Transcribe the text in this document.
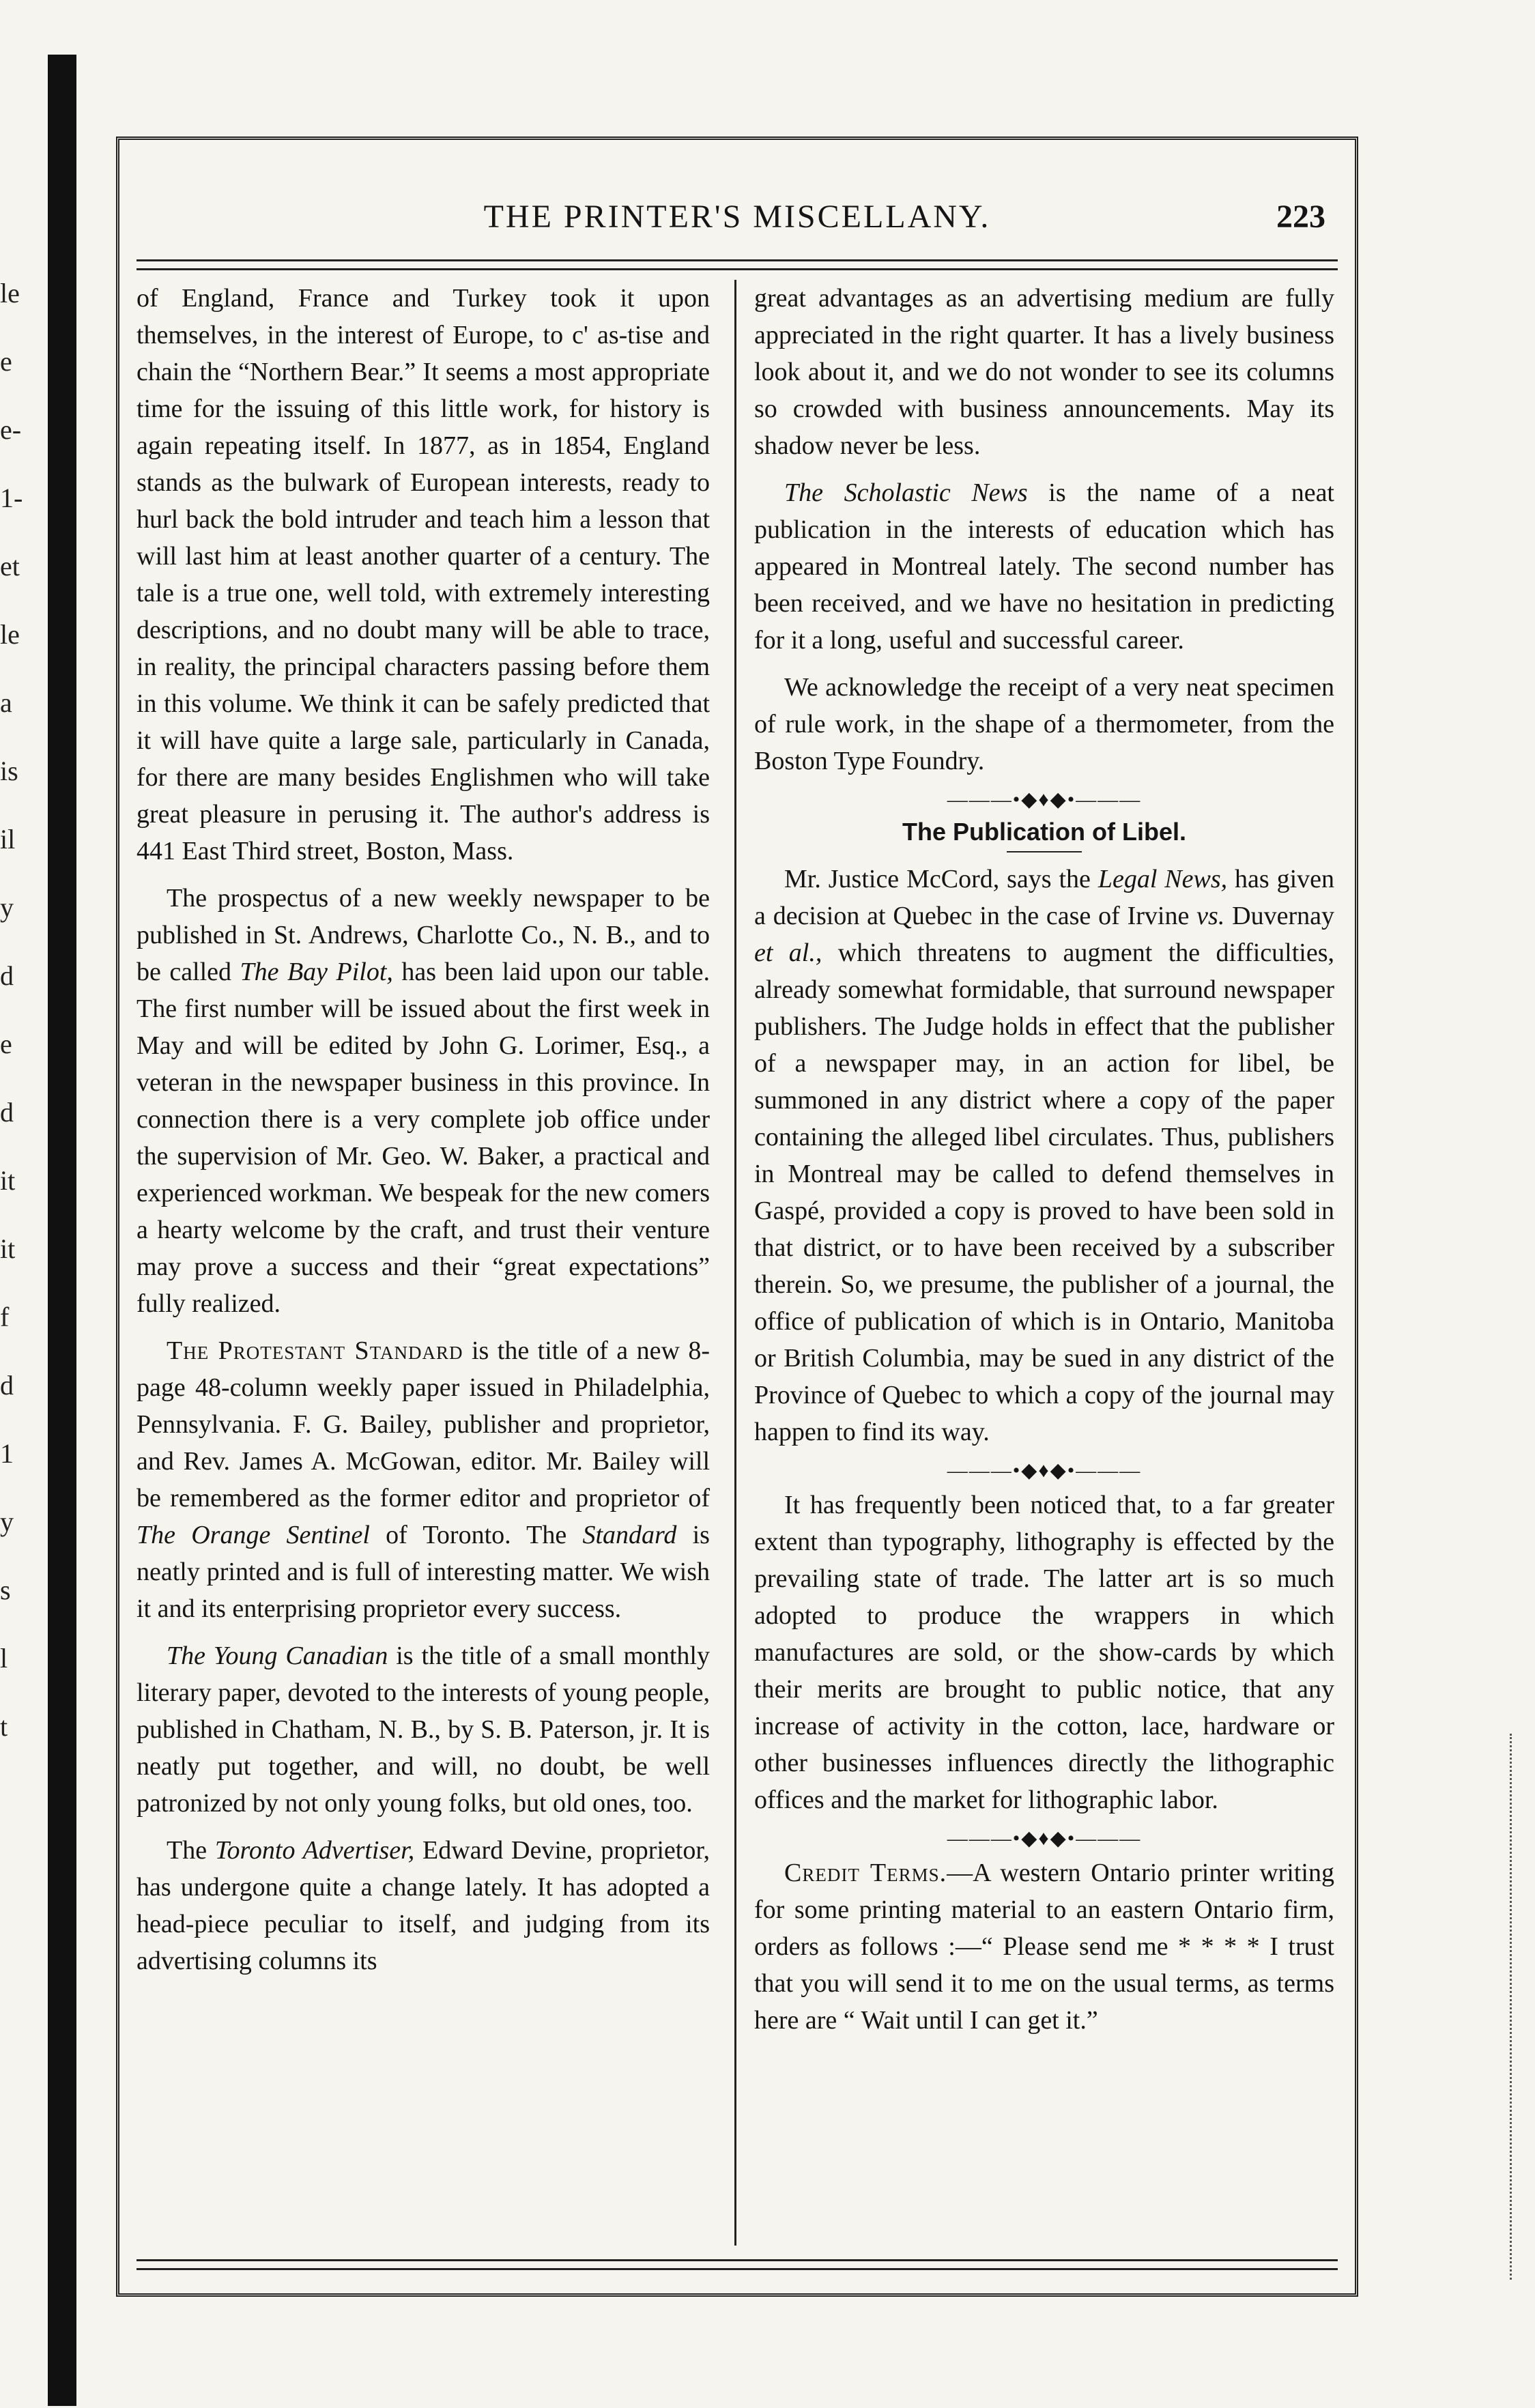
le
e
e-
1-
et
le
a
is
il
y
d
e
d
it
it
f
d
1
y
s
l
t
THE PRINTER'S MISCELLANY.	223

of England, France and Turkey took it upon themselves, in the interest of Europe, to c' as-tise and chain the “Northern Bear.” It seems a most appropriate time for the issuing of this little work, for history is again repeating itself. In 1877, as in 1854, England stands as the bulwark of European interests, ready to hurl back the bold intruder and teach him a lesson that will last him at least another quarter of a century. The tale is a true one, well told, with extremely interesting descriptions, and no doubt many will be able to trace, in reality, the principal characters passing before them in this volume. We think it can be safely predicted that it will have quite a large sale, particularly in Canada, for there are many besides Englishmen who will take great pleasure in perusing it. The author's address is 441 East Third street, Boston, Mass.

The prospectus of a new weekly newspaper to be published in St. Andrews, Charlotte Co., N. B., and to be called The Bay Pilot, has been laid upon our table. The first number will be issued about the first week in May and will be edited by John G. Lorimer, Esq., a veteran in the newspaper business in this province. In connection there is a very complete job office under the supervision of Mr. Geo. W. Baker, a practical and experienced workman. We bespeak for the new comers a hearty welcome by the craft, and trust their venture may prove a success and their “great expectations” fully realized.

The Protestant Standard is the title of a new 8-page 48-column weekly paper issued in Philadelphia, Pennsylvania. F. G. Bailey, publisher and proprietor, and Rev. James A. McGowan, editor. Mr. Bailey will be remembered as the former editor and proprietor of The Orange Sentinel of Toronto. The Standard is neatly printed and is full of interesting matter. We wish it and its enterprising proprietor every success.

The Young Canadian is the title of a small monthly literary paper, devoted to the interests of young people, published in Chatham, N. B., by S. B. Paterson, jr. It is neatly put together, and will, no doubt, be well patronized by not only young folks, but old ones, too.

The Toronto Advertiser, Edward Devine, proprietor, has undergone quite a change lately. It has adopted a head-piece peculiar to itself, and judging from its advertising columns its

great advantages as an advertising medium are fully appreciated in the right quarter. It has a lively business look about it, and we do not wonder to see its columns so crowded with business announcements. May its shadow never be less.

The Scholastic News is the name of a neat publication in the interests of education which has appeared in Montreal lately. The second number has been received, and we have no hesitation in predicting for it a long, useful and successful career.

We acknowledge the receipt of a very neat specimen of rule work, in the shape of a thermometer, from the Boston Type Foundry.

———•◆♦◆•———
The Publication of Libel.

Mr. Justice McCord, says the Legal News, has given a decision at Quebec in the case of Irvine vs. Duvernay et al., which threatens to augment the difficulties, already somewhat formidable, that surround newspaper publishers. The Judge holds in effect that the publisher of a newspaper may, in an action for libel, be summoned in any district where a copy of the paper containing the alleged libel circulates. Thus, publishers in Montreal may be called to defend themselves in Gaspé, provided a copy is proved to have been sold in that district, or to have been received by a subscriber therein. So, we presume, the publisher of a journal, the office of publication of which is in Ontario, Manitoba or British Columbia, may be sued in any district of the Province of Quebec to which a copy of the journal may happen to find its way.

———•◆♦◆•———

It has frequently been noticed that, to a far greater extent than typography, lithography is effected by the prevailing state of trade. The latter art is so much adopted to produce the wrappers in which manufactures are sold, or the show-cards by which their merits are brought to public notice, that any increase of activity in the cotton, lace, hardware or other businesses influences directly the lithographic offices and the market for lithographic labor.

———•◆♦◆•———

Credit Terms.—A western Ontario printer writing for some printing material to an eastern Ontario firm, orders as follows :—“ Please send me * * * * I trust that you will send it to me on the usual terms, as terms here are “ Wait until I can get it.”
